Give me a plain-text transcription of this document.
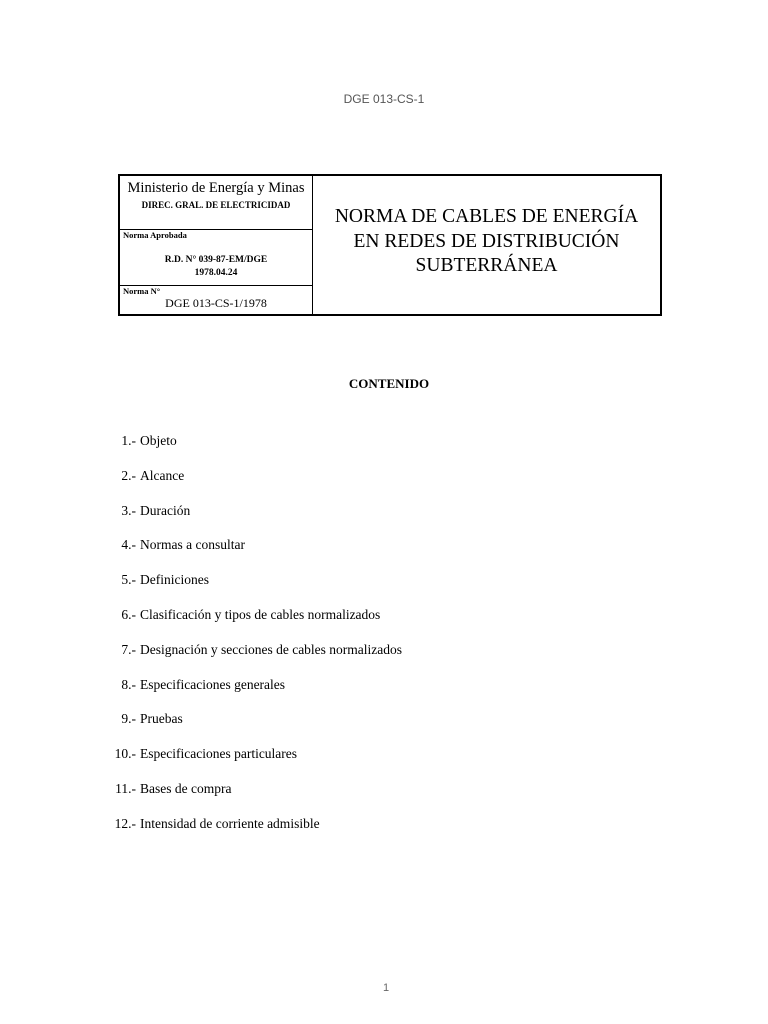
DGE 013-CS-1
Ministerio de Energía y Minas
DIREC. GRAL. DE ELECTRICIDAD
Norma Aprobada
R.D. N° 039-87-EM/DGE
1978.04.24
Norma N°
DGE 013-CS-1/1978
NORMA DE CABLES DE ENERGÍA
EN REDES DE DISTRIBUCIÓN
SUBTERRÁNEA
CONTENIDO
1.- Objeto
2.- Alcance
3.- Duración
4.- Normas a consultar
5.- Definiciones
6.- Clasificación y tipos de cables normalizados
7.- Designación y secciones de cables normalizados
8.- Especificaciones generales
9.- Pruebas
10.- Especificaciones particulares
11.- Bases de compra
12.- Intensidad de corriente admisible
1
